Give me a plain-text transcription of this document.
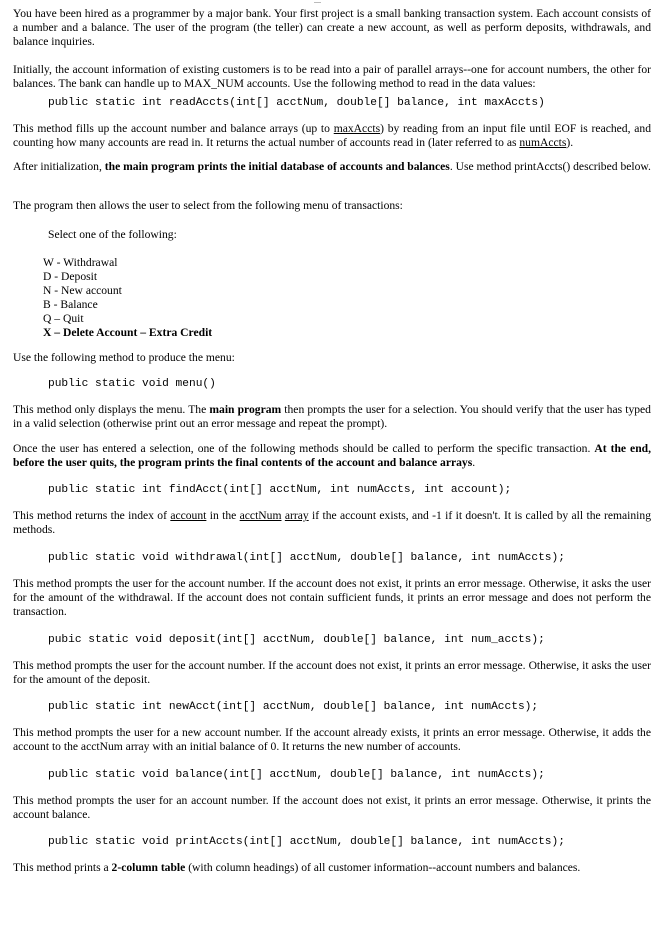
You have been hired as a programmer by a major bank. Your first project is a small banking transaction system. Each account consists of a number and a balance. The user of the program (the teller) can create a new account, as well as perform deposits, withdrawals, and balance inquiries.

Initially, the account information of existing customers is to be read into a pair of parallel arrays--one for account numbers, the other for balances. The bank can handle up to MAX_NUM accounts. Use the following method to read in the data values:

public static int readAccts(int[] acctNum, double[] balance, int maxAccts)

This method fills up the account number and balance arrays (up to maxAccts) by reading from an input file until EOF is reached, and counting how many accounts are read in. It returns the actual number of accounts read in (later referred to as numAccts).

After initialization, the main program prints the initial database of accounts and balances. Use method printAccts() described below.

The program then allows the user to select from the following menu of transactions:

Select one of the following:
W - Withdrawal
D - Deposit
N - New account
B - Balance
Q – Quit
X – Delete Account – Extra Credit

Use the following method to produce the menu:

public static void menu()

This method only displays the menu. The main program then prompts the user for a selection. You should verify that the user has typed in a valid selection (otherwise print out an error message and repeat the prompt).

Once the user has entered a selection, one of the following methods should be called to perform the specific transaction. At the end, before the user quits, the program prints the final contents of the account and balance arrays.

public static int findAcct(int[] acctNum, int numAccts, int account);

This method returns the index of account in the acctNum array if the account exists, and -1 if it doesn't. It is called by all the remaining methods.

public static void withdrawal(int[] acctNum, double[] balance, int numAccts);

This method prompts the user for the account number. If the account does not exist, it prints an error message. Otherwise, it asks the user for the amount of the withdrawal. If the account does not contain sufficient funds, it prints an error message and does not perform the transaction.

pubic static void deposit(int[] acctNum, double[] balance, int num_accts);

This method prompts the user for the account number. If the account does not exist, it prints an error message. Otherwise, it asks the user for the amount of the deposit.

public static int newAcct(int[] acctNum, double[] balance, int numAccts);

This method prompts the user for a new account number. If the account already exists, it prints an error message. Otherwise, it adds the account to the acctNum array with an initial balance of 0. It returns the new number of accounts.

public static void balance(int[] acctNum, double[] balance, int numAccts);

This method prompts the user for an account number. If the account does not exist, it prints an error message. Otherwise, it prints the account balance.

public static void printAccts(int[] acctNum, double[] balance, int numAccts);

This method prints a 2-column table (with column headings) of all customer information--account numbers and balances.
